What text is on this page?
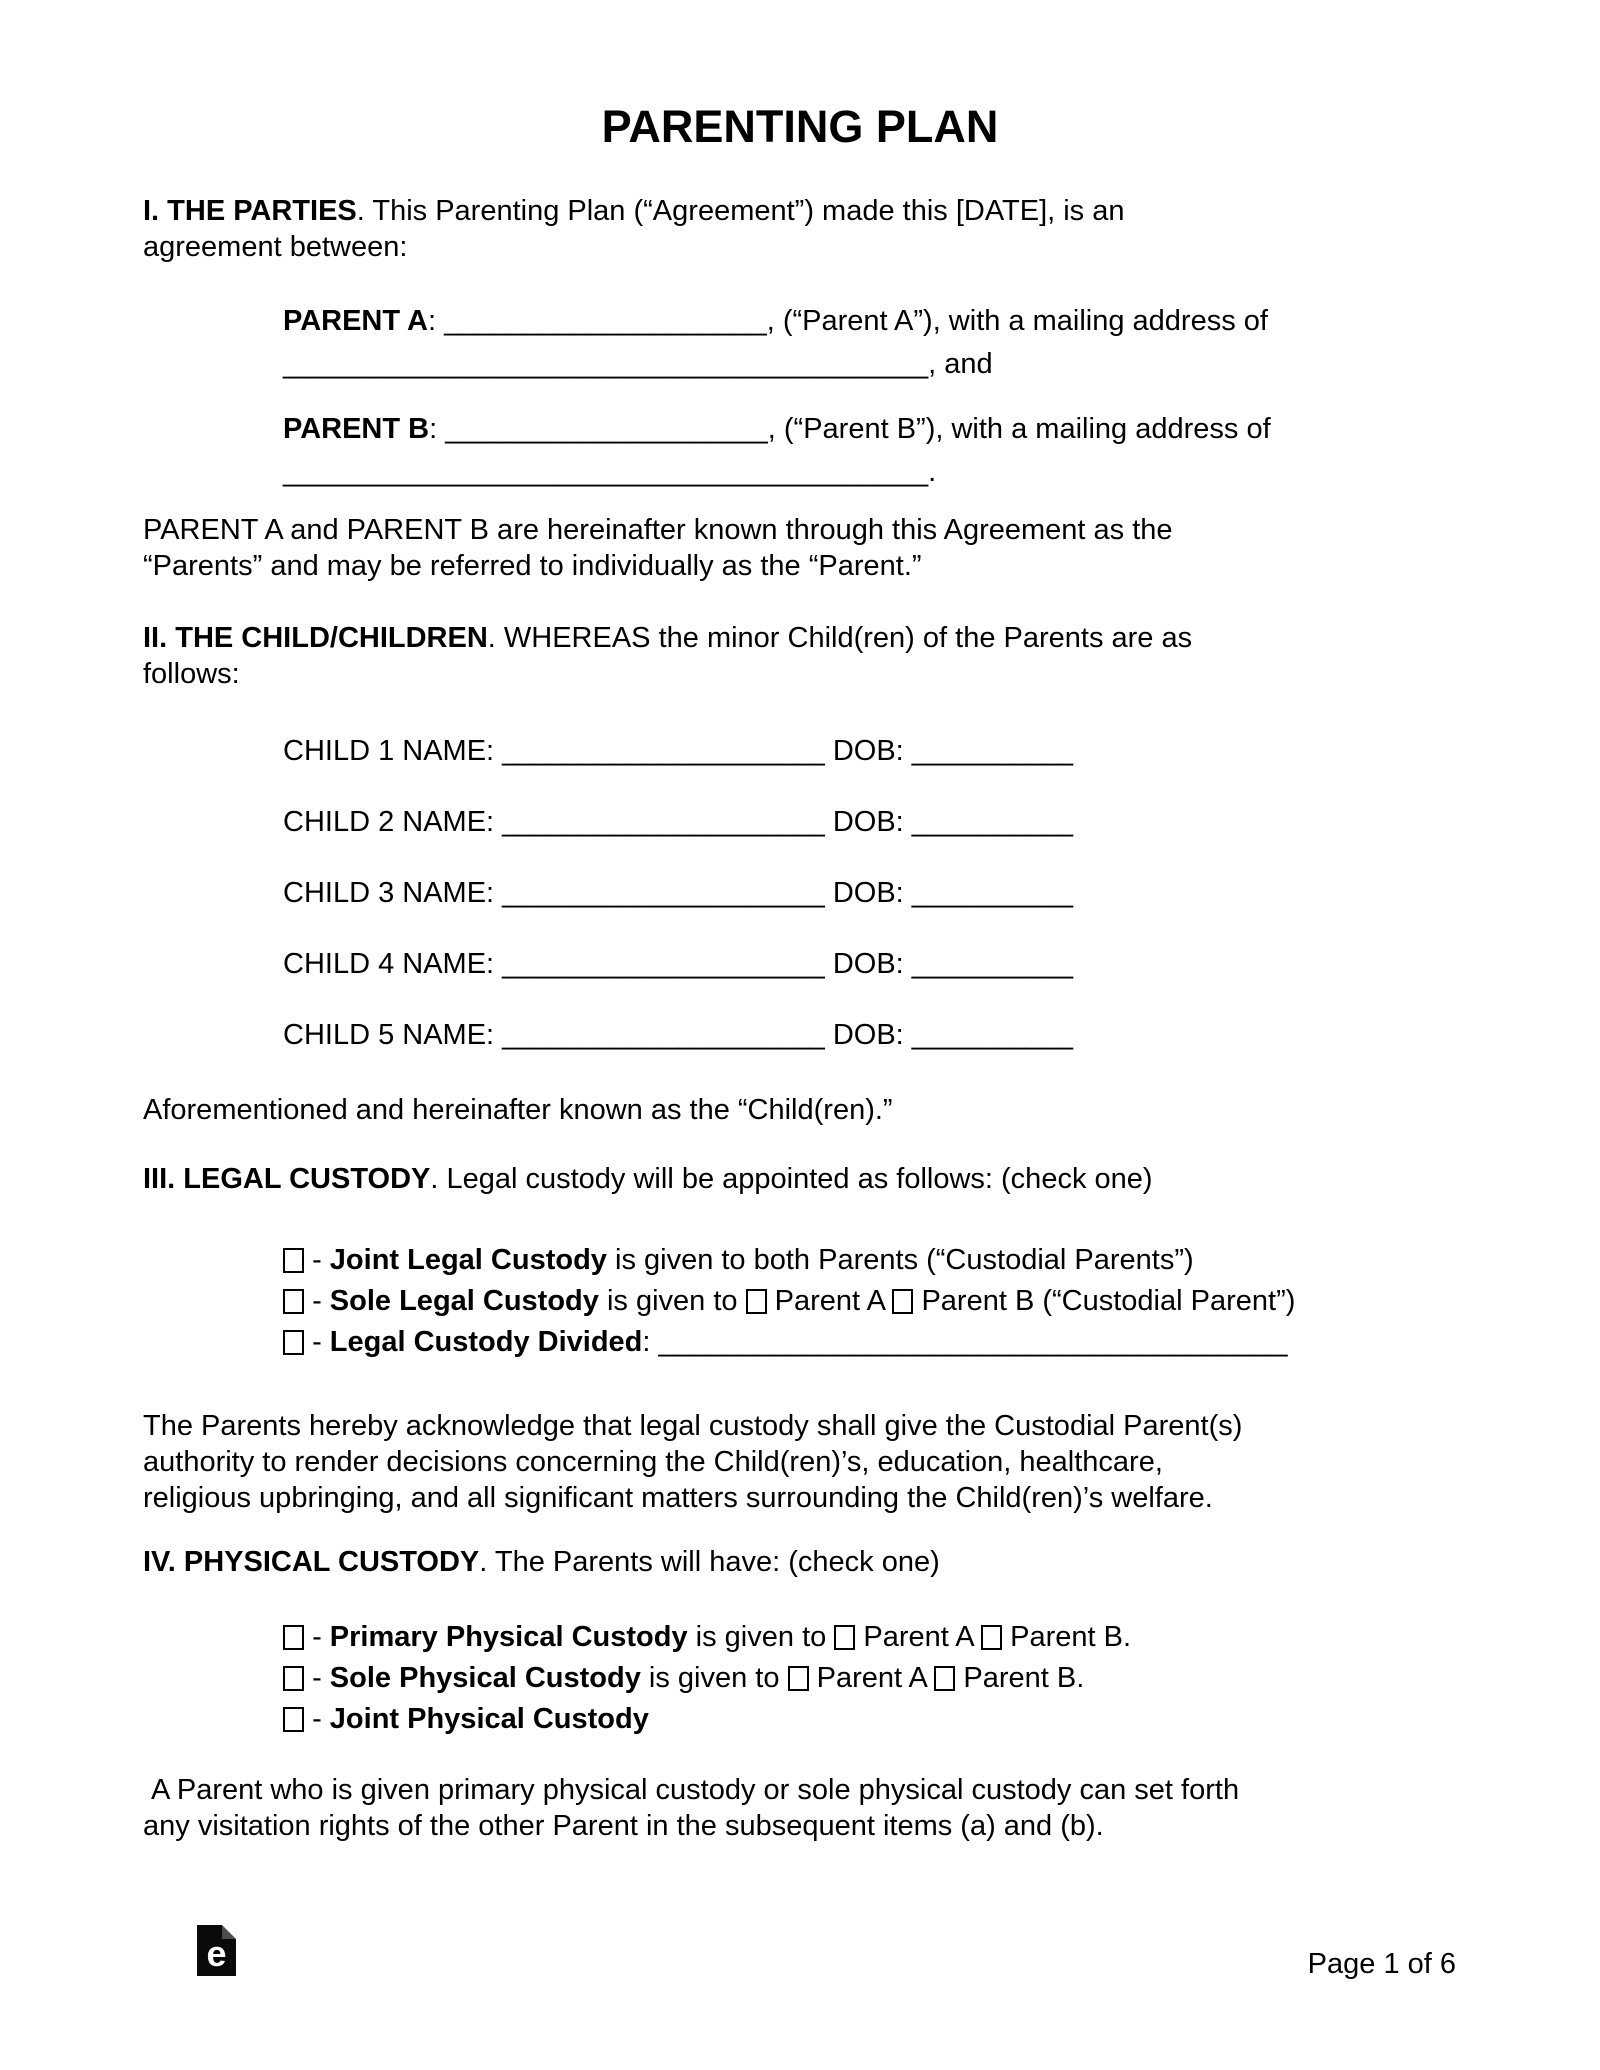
PARENTING PLAN
I. THE PARTIES. This Parenting Plan (“Agreement”) made this [DATE], is an
agreement between:
PARENT A: ____________________, (“Parent A”), with a mailing address of
________________________________________, and
PARENT B: ____________________, (“Parent B”), with a mailing address of
________________________________________.
PARENT A and PARENT B are hereinafter known through this Agreement as the
“Parents” and may be referred to individually as the “Parent.”
II. THE CHILD/CHILDREN. WHEREAS the minor Child(ren) of the Parents are as
follows:
CHILD 1 NAME: ____________________ DOB: __________
CHILD 2 NAME: ____________________ DOB: __________
CHILD 3 NAME: ____________________ DOB: __________
CHILD 4 NAME: ____________________ DOB: __________
CHILD 5 NAME: ____________________ DOB: __________
Aforementioned and hereinafter known as the “Child(ren).”
III. LEGAL CUSTODY. Legal custody will be appointed as follows: (check one)
- Joint Legal Custody is given to both Parents (“Custodial Parents”)
- Sole Legal Custody is given to Parent A Parent B (“Custodial Parent”)
- Legal Custody Divided: _______________________________________
The Parents hereby acknowledge that legal custody shall give the Custodial Parent(s)
authority to render decisions concerning the Child(ren)’s, education, healthcare,
religious upbringing, and all significant matters surrounding the Child(ren)’s welfare.
IV. PHYSICAL CUSTODY. The Parents will have: (check one)
- Primary Physical Custody is given to Parent A Parent B.
- Sole Physical Custody is given to Parent A Parent B.
- Joint Physical Custody
A Parent who is given primary physical custody or sole physical custody can set forth
any visitation rights of the other Parent in the subsequent items (a) and (b).
e	Page 1 of 6
